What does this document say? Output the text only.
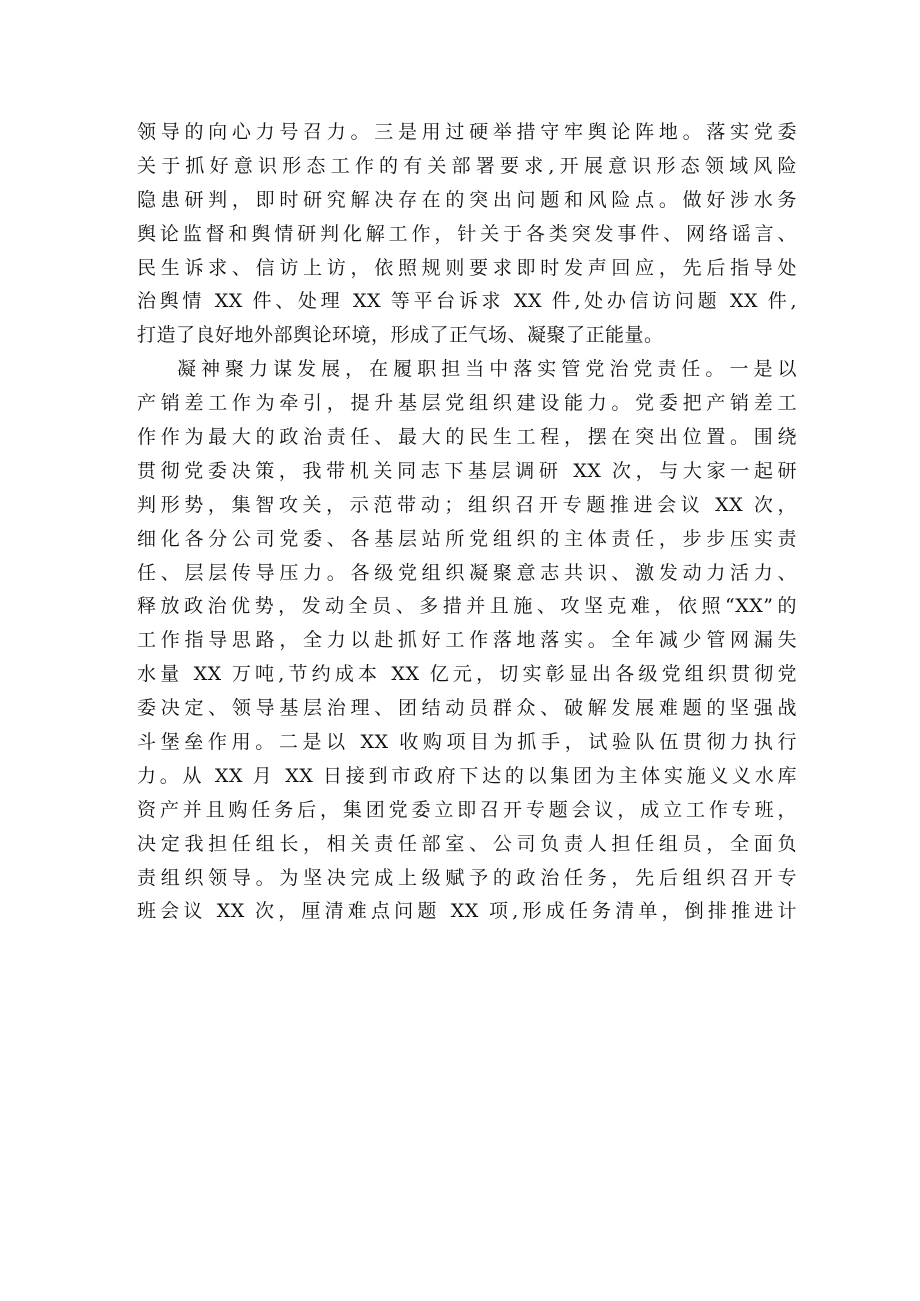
领导的向心力号召力。三是用过硬举措守牢舆论阵地。落实党委
关于抓好意识形态工作的有关部署要求,开展意识形态领域风险
隐患研判，即时研究解决存在的突出问题和风险点。做好涉水务
舆论监督和舆情研判化解工作，针关于各类突发事件、网络谣言、
民生诉求、信访上访，依照规则要求即时发声回应，先后指导处
治舆情 XX 件、处理 XX 等平台诉求 XX 件,处办信访问题 XX 件,
打造了良好地外部舆论环境，形成了正气场、凝聚了正能量。
凝神聚力谋发展，在履职担当中落实管党治党责任。一是以
产销差工作为牵引，提升基层党组织建设能力。党委把产销差工
作作为最大的政治责任、最大的民生工程，摆在突出位置。围绕
贯彻党委决策，我带机关同志下基层调研 XX 次，与大家一起研
判形势，集智攻关，示范带动；组织召开专题推进会议 XX 次，
细化各分公司党委、各基层站所党组织的主体责任，步步压实责
任、层层传导压力。各级党组织凝聚意志共识、激发动力活力、
释放政治优势，发动全员、多措并且施、攻坚克难，依照“XX”的
工作指导思路，全力以赴抓好工作落地落实。全年减少管网漏失
水量 XX 万吨,节约成本 XX 亿元，切实彰显出各级党组织贯彻党
委决定、领导基层治理、团结动员群众、破解发展难题的坚强战
斗堡垒作用。二是以 XX 收购项目为抓手，试验队伍贯彻力执行
力。从 XX 月 XX 日接到市政府下达的以集团为主体实施义义水库
资产并且购任务后，集团党委立即召开专题会议，成立工作专班，
决定我担任组长，相关责任部室、公司负责人担任组员，全面负
责组织领导。为坚决完成上级赋予的政治任务，先后组织召开专
班会议 XX 次，厘清难点问题 XX 项,形成任务清单，倒排推进计
